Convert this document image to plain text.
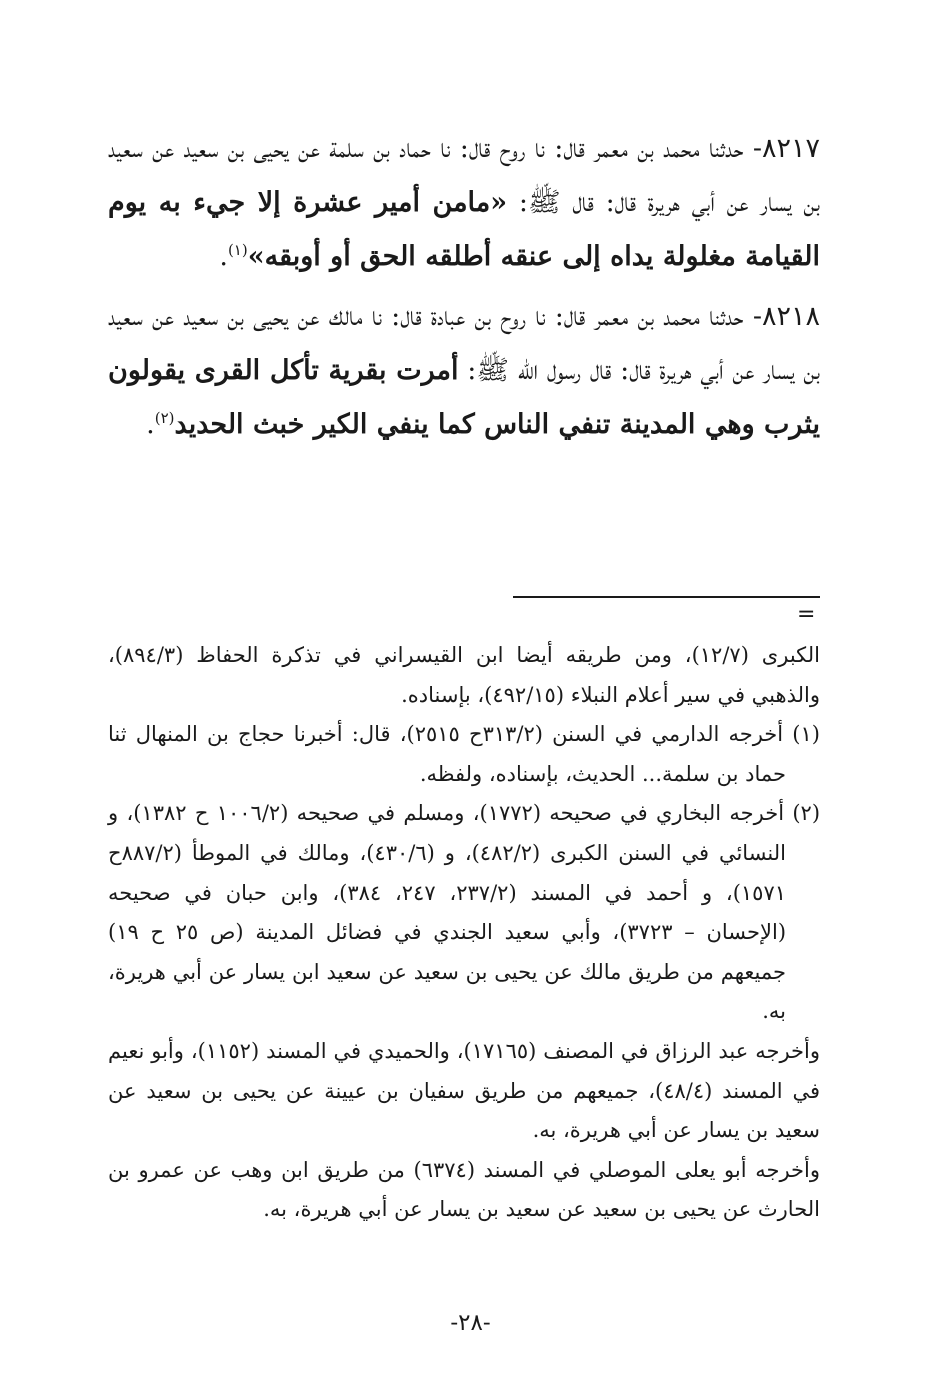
٨٢١٧- حدثنا محمد بن معمر قال: نا روح قال: نا حماد بن سلمة عن يحيى بن سعيد عن سعيد بن يسار عن أبي هريرة قال: قال ﷺ: «مامن أمير عشرة إلا جيء به يوم القيامة مغلولة يداه إلى عنقه أطلقه الحق أو أوبقه»$^{(١)}$.

٨٢١٨- حدثنا محمد بن معمر قال: نا روح بن عبادة قال: نا مالك عن يحيى بن سعيد عن سعيد بن يسار عن أبي هريرة قال: قال رسول الله ﷺ: أمرت بقرية تأكل القرى يقولون يثرب وهي المدينة تنفي الناس كما ينفي الكير خبث الحديد$^{(٢)}$.

=

الكبرى (١٢/٧)، ومن طريقه أيضا ابن القيسراني في تذكرة الحفاظ (٨٩٤/٣)، والذهبي في سير أعلام النبلاء (٤٩٢/١٥)، بإسناده.

(١) أخرجه الدارمي في السنن (٣١٣/٢ح ٢٥١٥)، قال: أخبرنا حجاج بن المنهال ثنا حماد بن سلمة... الحديث، بإسناده، ولفظه.

(٢) أخرجه البخاري في صحيحه (١٧٧٢)، ومسلم في صحيحه (١٠٠٦/٢ ح ١٣٨٢)، و النسائي في السنن الكبرى (٤٨٢/٢)، و (٤٣٠/٦)، ومالك في الموطأ (٨٨٧/٢ح ١٥٧١)، و أحمد في المسند (٢٣٧/٢، ٢٤٧، ٣٨٤)، وابن حبان في صحيحه (الإحسان – ٣٧٢٣)، وأبي سعيد الجندي في فضائل المدينة (ص ٢٥ ح ١٩) جميعهم من طريق مالك عن يحيى بن سعيد عن سعيد ابن يسار عن أبي هريرة، به.

وأخرجه عبد الرزاق في المصنف (١٧١٦٥)، والحميدي في المسند (١١٥٢)، وأبو نعيم في المسند (٤٨/٤)، جميعهم من طريق سفيان بن عيينة عن يحيى بن سعيد عن سعيد بن يسار عن أبي هريرة، به.

وأخرجه أبو يعلى الموصلي في المسند (٦٣٧٤) من طريق ابن وهب عن عمرو بن الحارث عن يحيى بن سعيد عن سعيد بن يسار عن أبي هريرة، به.

-٢٨-
